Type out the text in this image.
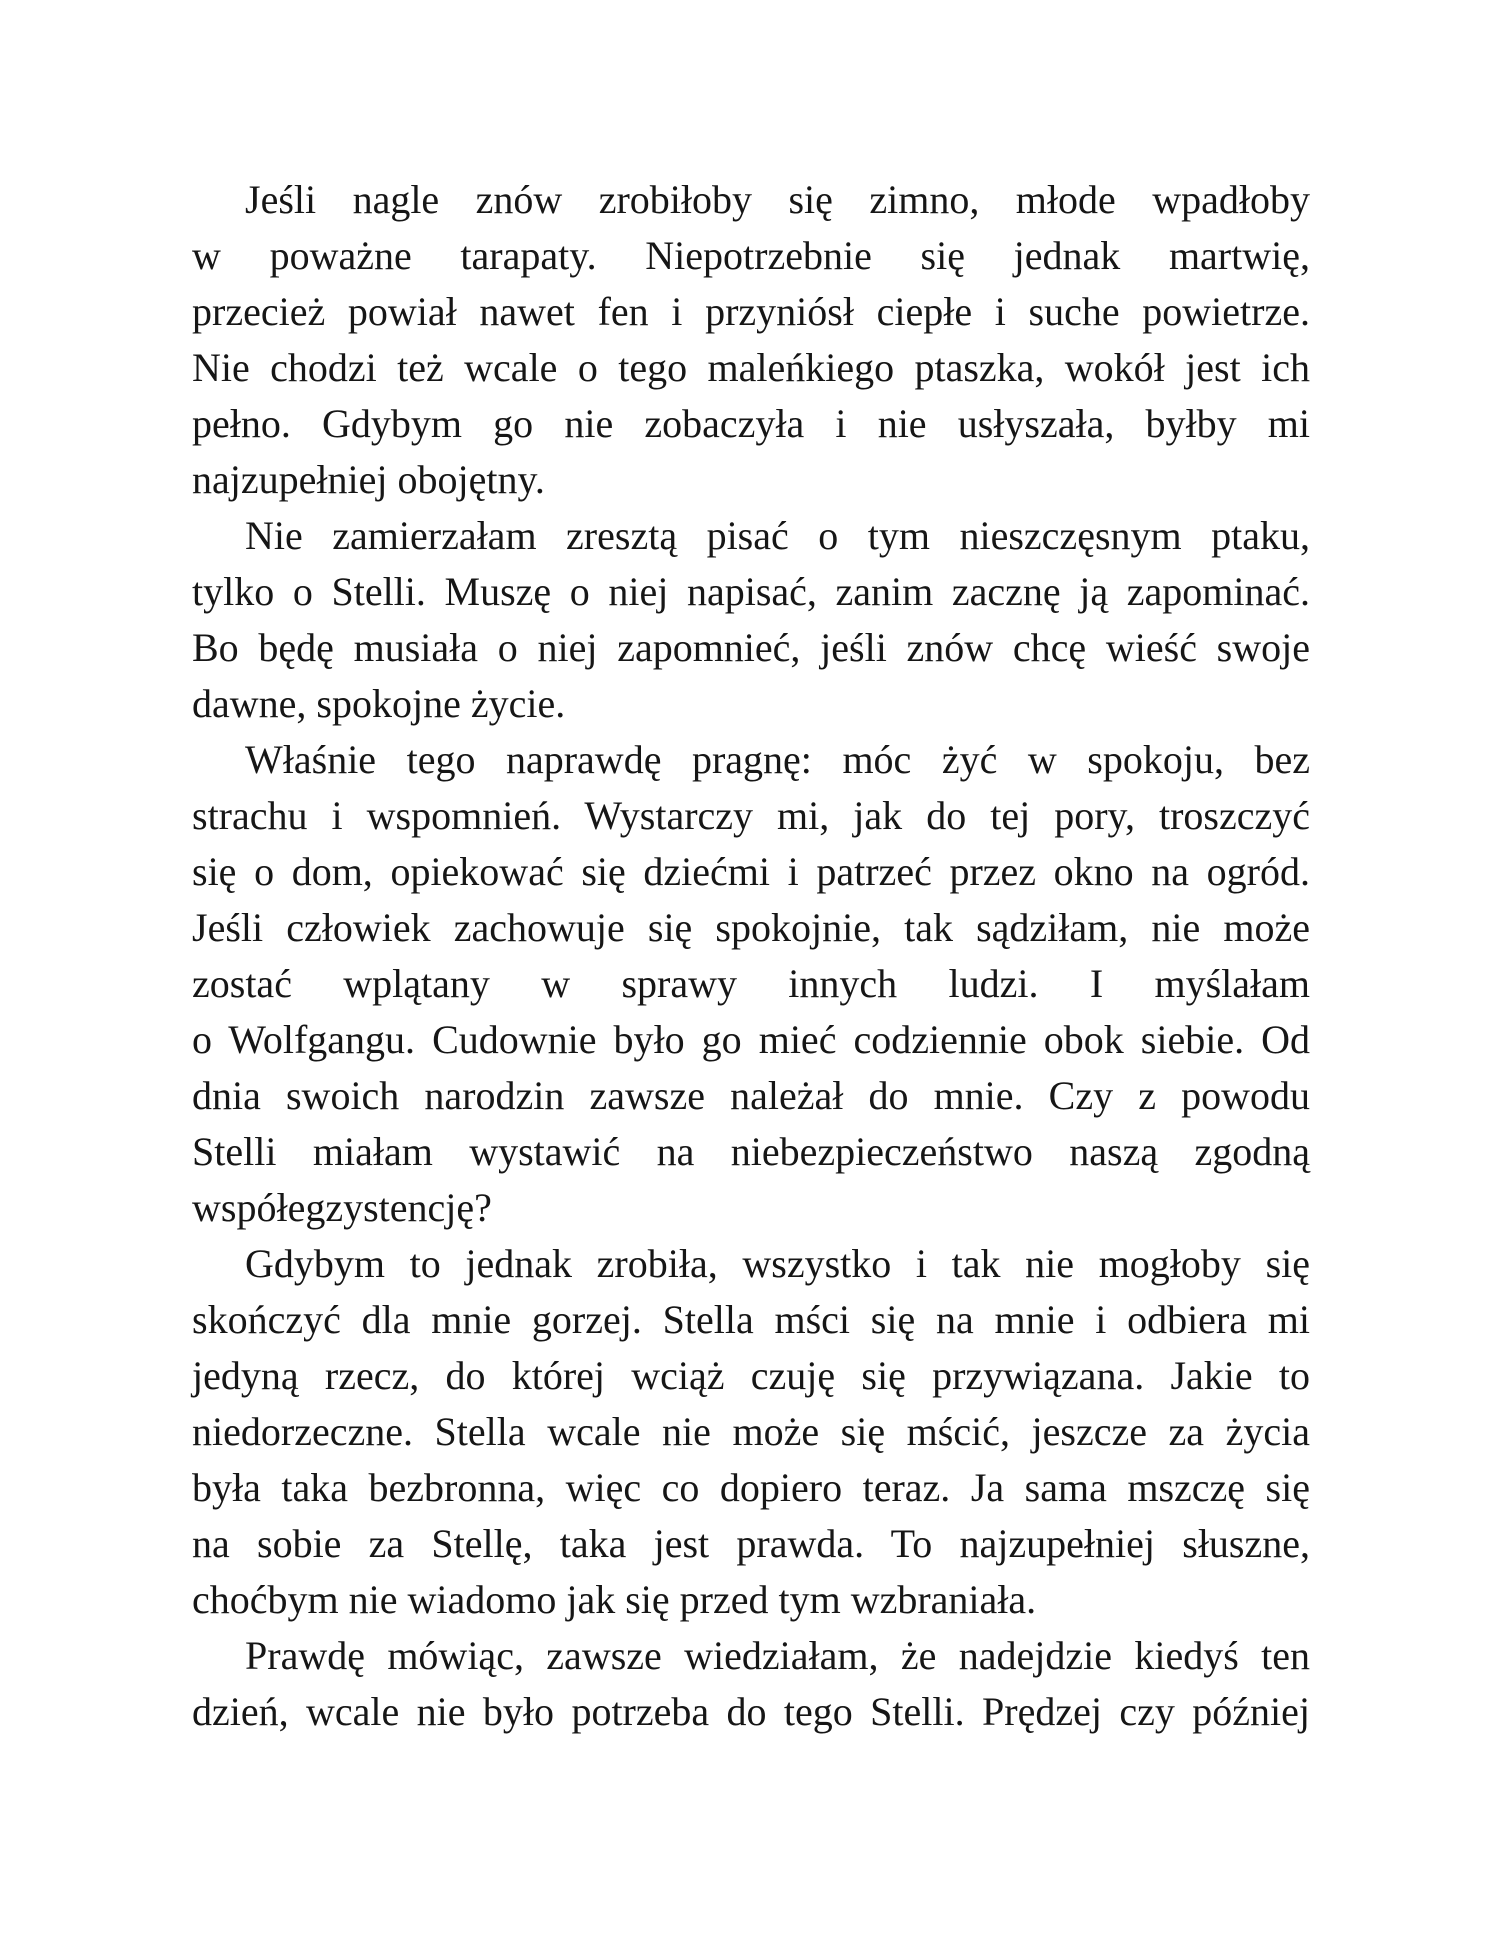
Jeśli nagle znów zrobiłoby się zimno, młode wpadłoby
w poważne tarapaty. Niepotrzebnie się jednak martwię,
przecież powiał nawet fen i przyniósł ciepłe i suche powietrze.
Nie chodzi też wcale o tego maleńkiego ptaszka, wokół jest ich
pełno. Gdybym go nie zobaczyła i nie usłyszała, byłby mi
najzupełniej obojętny.
Nie zamierzałam zresztą pisać o tym nieszczęsnym ptaku,
tylko o Stelli. Muszę o niej napisać, zanim zacznę ją zapominać.
Bo będę musiała o niej zapomnieć, jeśli znów chcę wieść swoje
dawne, spokojne życie.
Właśnie tego naprawdę pragnę: móc żyć w spokoju, bez
strachu i wspomnień. Wystarczy mi, jak do tej pory, troszczyć
się o dom, opiekować się dziećmi i patrzeć przez okno na ogród.
Jeśli człowiek zachowuje się spokojnie, tak sądziłam, nie może
zostać wplątany w sprawy innych ludzi. I myślałam
o Wolfgangu. Cudownie było go mieć codziennie obok siebie. Od
dnia swoich narodzin zawsze należał do mnie. Czy z powodu
Stelli miałam wystawić na niebezpieczeństwo naszą zgodną
współegzystencję?
Gdybym to jednak zrobiła, wszystko i tak nie mogłoby się
skończyć dla mnie gorzej. Stella mści się na mnie i odbiera mi
jedyną rzecz, do której wciąż czuję się przywiązana. Jakie to
niedorzeczne. Stella wcale nie może się mścić, jeszcze za życia
była taka bezbronna, więc co dopiero teraz. Ja sama mszczę się
na sobie za Stellę, taka jest prawda. To najzupełniej słuszne,
choćbym nie wiadomo jak się przed tym wzbraniała.
Prawdę mówiąc, zawsze wiedziałam, że nadejdzie kiedyś ten
dzień, wcale nie było potrzeba do tego Stelli. Prędzej czy później
